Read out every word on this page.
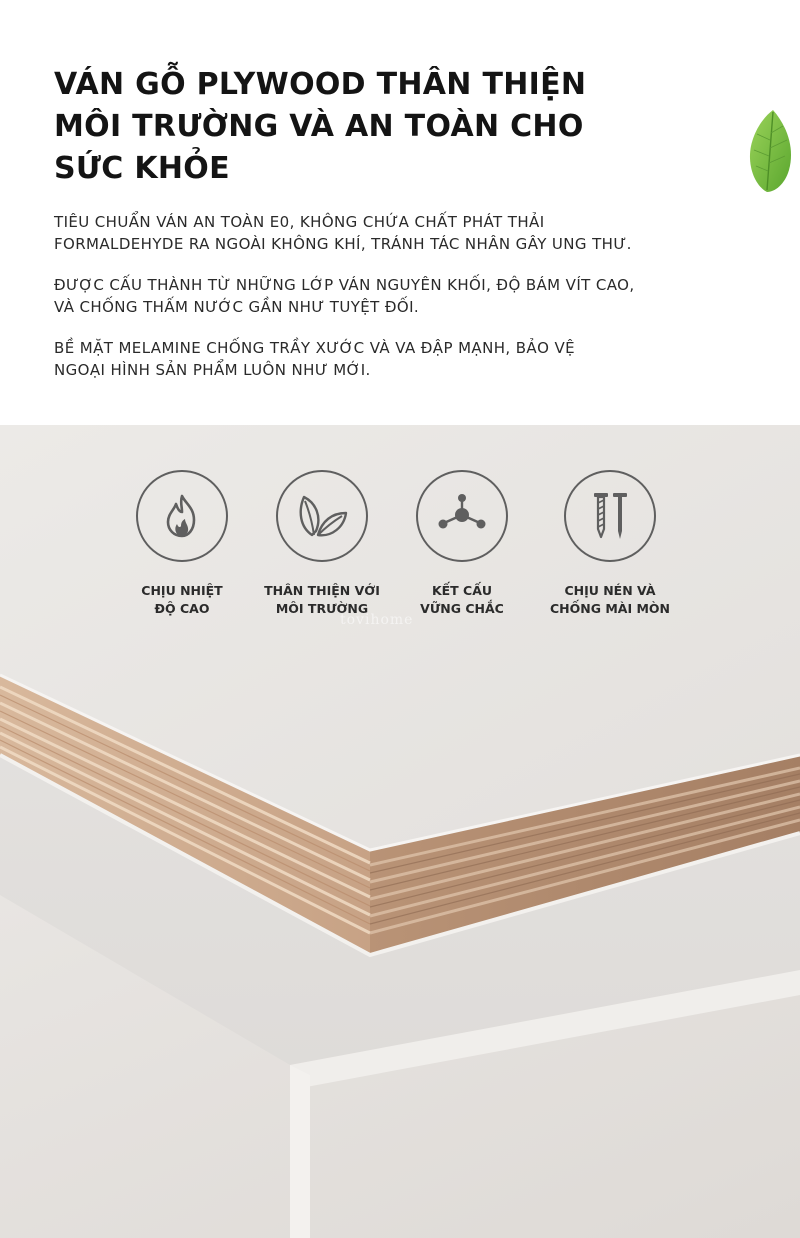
VÁN GỖ PLYWOOD THÂN THIỆN
MÔI TRƯỜNG VÀ AN TOÀN CHO
SỨC KHỎE

TIÊU CHUẨN VÁN AN TOÀN E0, KHÔNG CHỨA CHẤT PHÁT THẢI
FORMALDEHYDE RA NGOÀI KHÔNG KHÍ, TRÁNH TÁC NHÂN GÂY UNG THƯ.

ĐƯỢC CẤU THÀNH TỪ NHỮNG LỚP VÁN NGUYÊN KHỐI, ĐỘ BÁM VÍT CAO,
VÀ CHỐNG THẤM NƯỚC GẦN NHƯ TUYỆT ĐỐI.

BỀ MẶT MELAMINE CHỐNG TRẦY XƯỚC VÀ VA ĐẬP MẠNH, BẢO VỆ
NGOẠI HÌNH SẢN PHẨM LUÔN NHƯ MỚI.

CHỊU NHIỆT
ĐỘ CAO
THÂN THIỆN VỚI
MÔI TRƯỜNG
KẾT CẤU
VỮNG CHẮC
CHỊU NÉN VÀ
CHỐNG MÀI MÒN
tovihome
